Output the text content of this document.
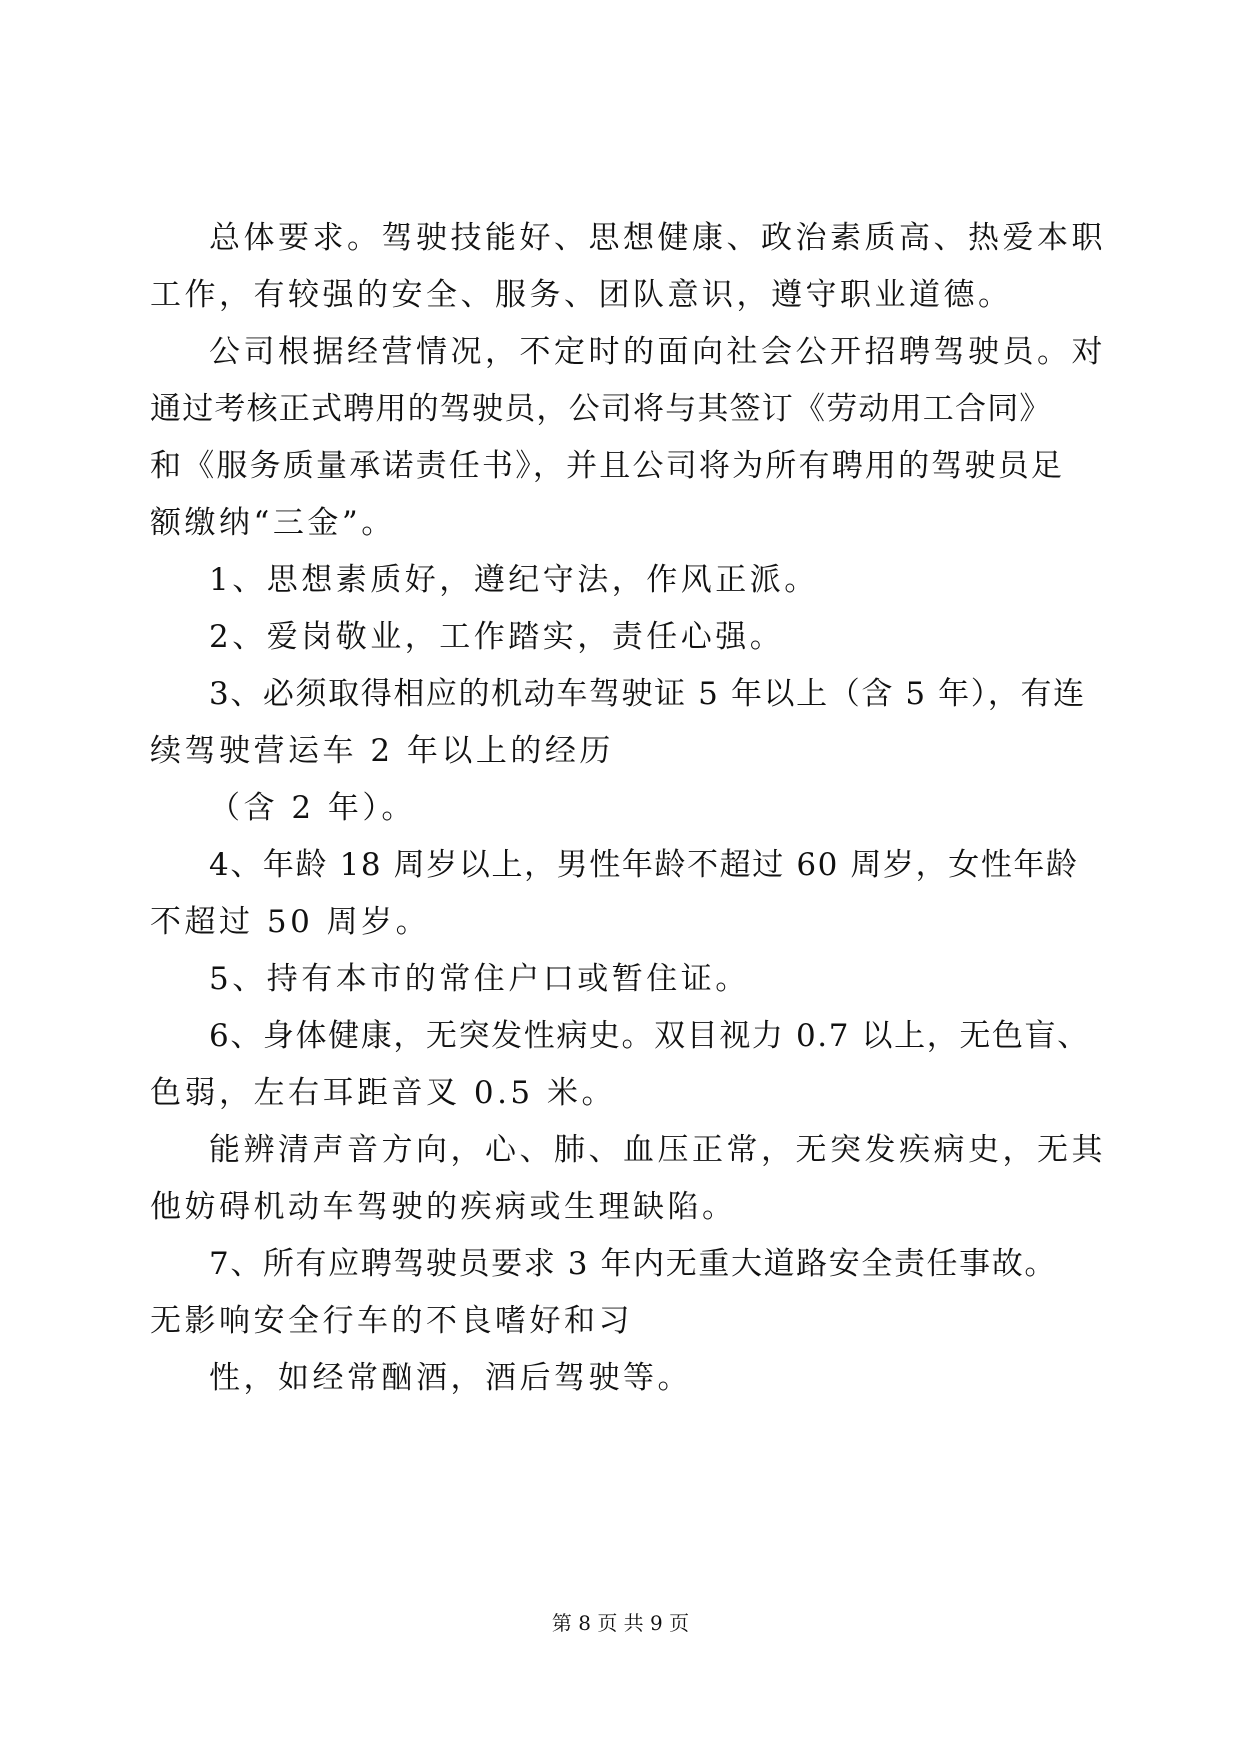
总体要求。驾驶技能好、思想健康、政治素质高、热爱本职
工作，有较强的安全、服务、团队意识，遵守职业道德。
公司根据经营情况，不定时的面向社会公开招聘驾驶员。对
通过考核正式聘用的驾驶员，公司将与其签订《劳动用工合同》
和《服务质量承诺责任书》，并且公司将为所有聘用的驾驶员足
额缴纳“三金”。
1、思想素质好，遵纪守法，作风正派。
2、爱岗敬业，工作踏实，责任心强。
3、必须取得相应的机动车驾驶证 5 年以上（含 5 年），有连
续驾驶营运车 2 年以上的经历
（含 2 年）。
4、年龄 18 周岁以上，男性年龄不超过 60 周岁，女性年龄
不超过 50 周岁。
5、持有本市的常住户口或暂住证。
6、身体健康，无突发性病史。双目视力 0.7 以上，无色盲、
色弱，左右耳距音叉 0.5 米。
能辨清声音方向，心、肺、血压正常，无突发疾病史，无其
他妨碍机动车驾驶的疾病或生理缺陷。
7、所有应聘驾驶员要求 3 年内无重大道路安全责任事故。
无影响安全行车的不良嗜好和习
性，如经常酗酒，酒后驾驶等。
第 8 页 共 9 页
